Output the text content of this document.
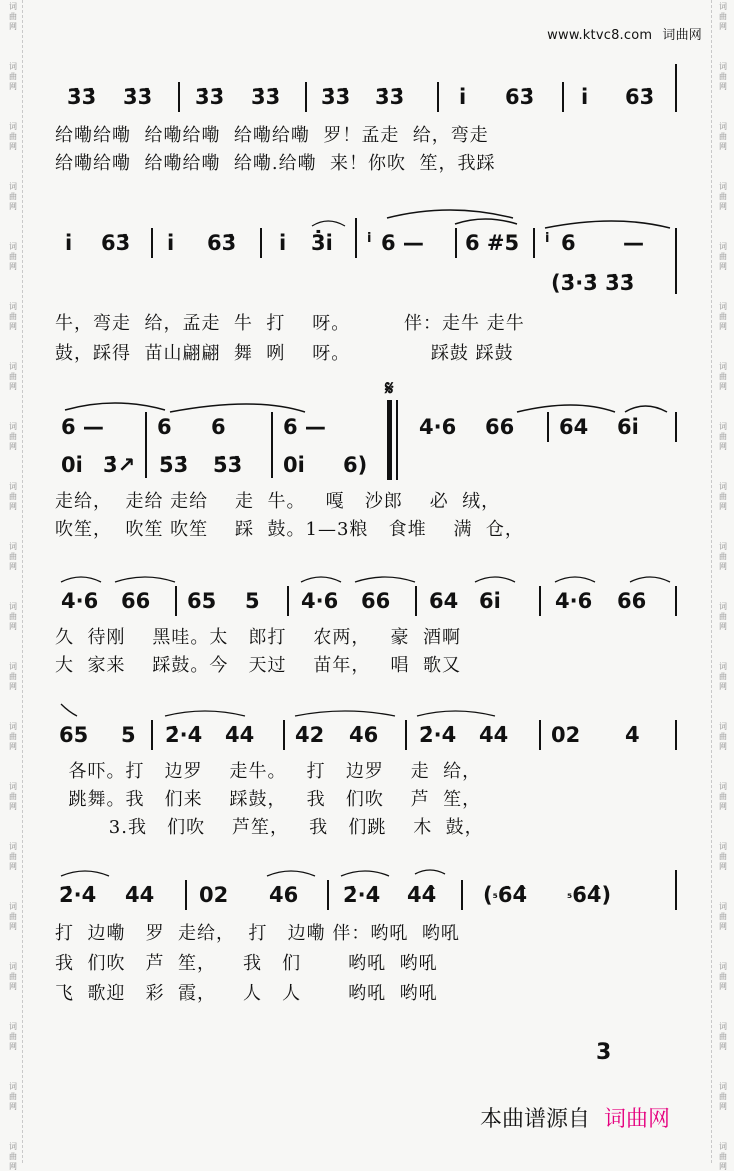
词
曲
网
词
曲
网
词
曲
网
词
曲
网
词
曲
网
词
曲
网
词
曲
网
词
曲
网
词
曲
网
词
曲
网
词
曲
网
词
曲
网
词
曲
网
词
曲
网
词
曲
网
词
曲
网
词
曲
网
词
曲
网
词
曲
网
词
曲
网
词
曲
网
词
曲
网
词
曲
网
词
曲
网
词
曲
网
词
曲
网
词
曲
网
词
曲
网
词
曲
网
词
曲
网
词
曲
网
词
曲
网
词
曲
网
词
曲
网
词
曲
网
词
曲
网
词
曲
网
词
曲
网
词
曲
网
词
曲
网
www.ktvc8.com 词曲网
3̇3̇ 3̇3̇ 3̇3̇ 3̇3̇ 3̇3̇ 3̇3̇	i 63̇ i 63̇
给嘞给嘞  给嘞给嘞  给嘞给嘞  罗！孟走  给，弯走
给嘞给嘞  给嘞给嘞  给嘞.给嘞  来！你吹  笙，我踩
i 63̇ i 63̇ i 3̇i	i 6 — 6 #5 i 6 —
(3̇·3̇ 3̇3̇
牛，弯走  给，孟走  牛  打    呀。        伴：走牛 走牛
鼓，踩得  苗山翩翩  舞  咧    呀。            踩鼓 踩鼓
𝄋
6 —	6 6	6 —	4·6 66 64 6i
0i 3̇↗ 5̇3̇ 5̇3̇ 0i 6)
走给，  走给 走给    走  牛。   嘎   沙郎    必  绒，
吹笙，  吹笙 吹笙    踩  鼓。1—3粮   食堆    满  仓，
4·6 66 65 5 4·6 66 64 6i	4·6 66
久  待刚    黑哇。太   郎打    农两，   豪  酒啊
大  家来    踩鼓。今   天过    苗年，   唱  歌又
65 5 2̇·4̇ 4̇4̇ 4̇2 4̇6 2̇·4̇ 4̇4̇ 02 4̇
各吓。打   边罗    走牛。   打   边罗    走  给，
跳舞。我   们来    踩鼓，   我   们吹    芦  笙，
3.我   们吹    芦笙，   我   们跳    木  鼓，
2̇·4̇ 4̇4̇ 02 4̇6 2̇·4̇ 4̇4̂ (⁵6̇4̂	⁵6̇4̂)
打  边嘞   罗  走给，  打   边嘞 伴：哟吼  哟吼
我  们吹   芦  笙，    我   们       哟吼  哟吼
飞  歌迎   彩  霞，    人   人       哟吼  哟吼
3
本曲谱源自 词曲网
